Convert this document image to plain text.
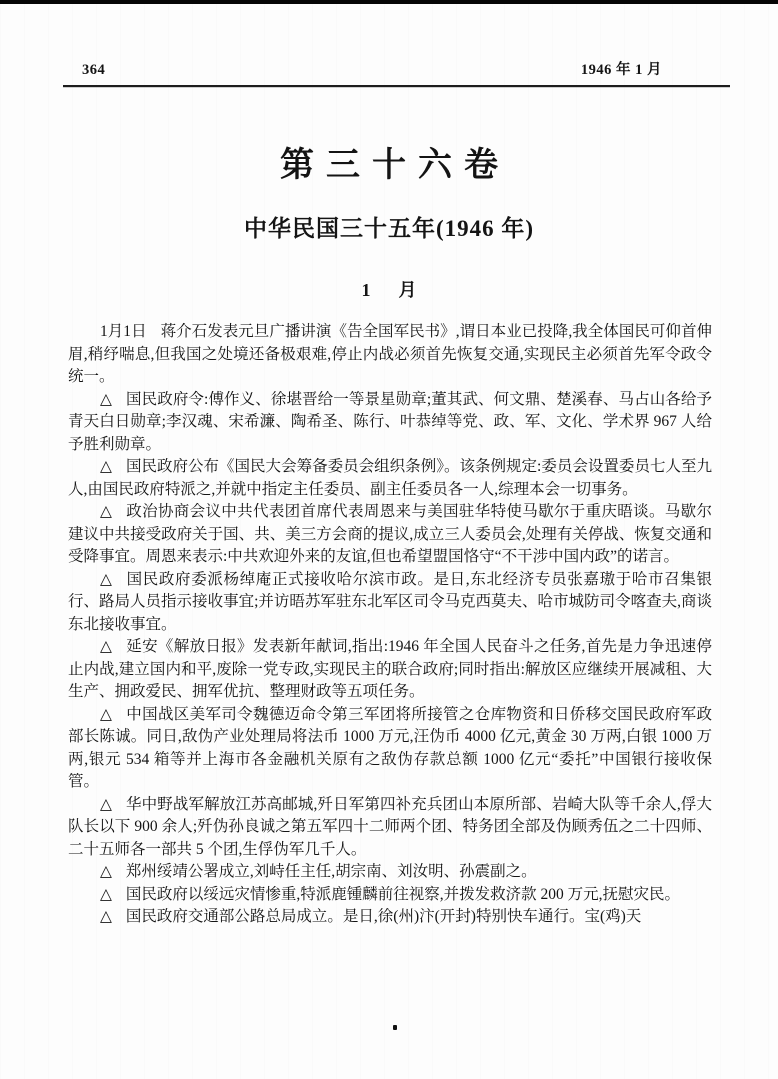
364	1946 年 1 月
第三十六卷
中华民国三十五年(1946 年)
1 月

1月1日 蒋介石发表元旦广播讲演《告全国军民书》,谓日本业已投降,我全体国民可仰首伸眉,稍纾喘息,但我国之处境还备极艰难,停止内战必须首先恢复交通,实现民主必须首先军令政令统一。

△ 国民政府令:傅作义、徐堪晋给一等景星勋章;董其武、何文鼎、楚溪春、马占山各给予青天白日勋章;李汉魂、宋希濂、陶希圣、陈行、叶恭绰等党、政、军、文化、学术界 967 人给予胜利勋章。

△ 国民政府公布《国民大会筹备委员会组织条例》。该条例规定:委员会设置委员七人至九人,由国民政府特派之,并就中指定主任委员、副主任委员各一人,综理本会一切事务。

△ 政治协商会议中共代表团首席代表周恩来与美国驻华特使马歇尔于重庆晤谈。马歇尔建议中共接受政府关于国、共、美三方会商的提议,成立三人委员会,处理有关停战、恢复交通和受降事宜。周恩来表示:中共欢迎外来的友谊,但也希望盟国恪守“不干涉中国内政”的诺言。

△ 国民政府委派杨绰庵正式接收哈尔滨市政。是日,东北经济专员张嘉璈于哈市召集银行、路局人员指示接收事宜;并访晤苏军驻东北军区司令马克西莫夫、哈市城防司令喀查夫,商谈东北接收事宜。

△ 延安《解放日报》发表新年献词,指出:1946 年全国人民奋斗之任务,首先是力争迅速停止内战,建立国内和平,废除一党专政,实现民主的联合政府;同时指出:解放区应继续开展减租、大生产、拥政爱民、拥军优抗、整理财政等五项任务。

△ 中国战区美军司令魏德迈命令第三军团将所接管之仓库物资和日侨移交国民政府军政部长陈诚。同日,敌伪产业处理局将法币 1000 万元,汪伪币 4000 亿元,黄金 30 万两,白银 1000 万两,银元 534 箱等并上海市各金融机关原有之敌伪存款总额 1000 亿元“委托”中国银行接收保管。

△ 华中野战军解放江苏高邮城,歼日军第四补充兵团山本原所部、岩崎大队等千余人,俘大队长以下 900 余人;歼伪孙良诚之第五军四十二师两个团、特务团全部及伪顾秀伍之二十四师、二十五师各一部共 5 个团,生俘伪军几千人。

△ 郑州绥靖公署成立,刘峙任主任,胡宗南、刘汝明、孙震副之。

△ 国民政府以绥远灾情惨重,特派鹿锺麟前往视察,并拨发救济款 200 万元,抚慰灾民。

△ 国民政府交通部公路总局成立。是日,徐(州)汴(开封)特别快车通行。宝(鸡)天
